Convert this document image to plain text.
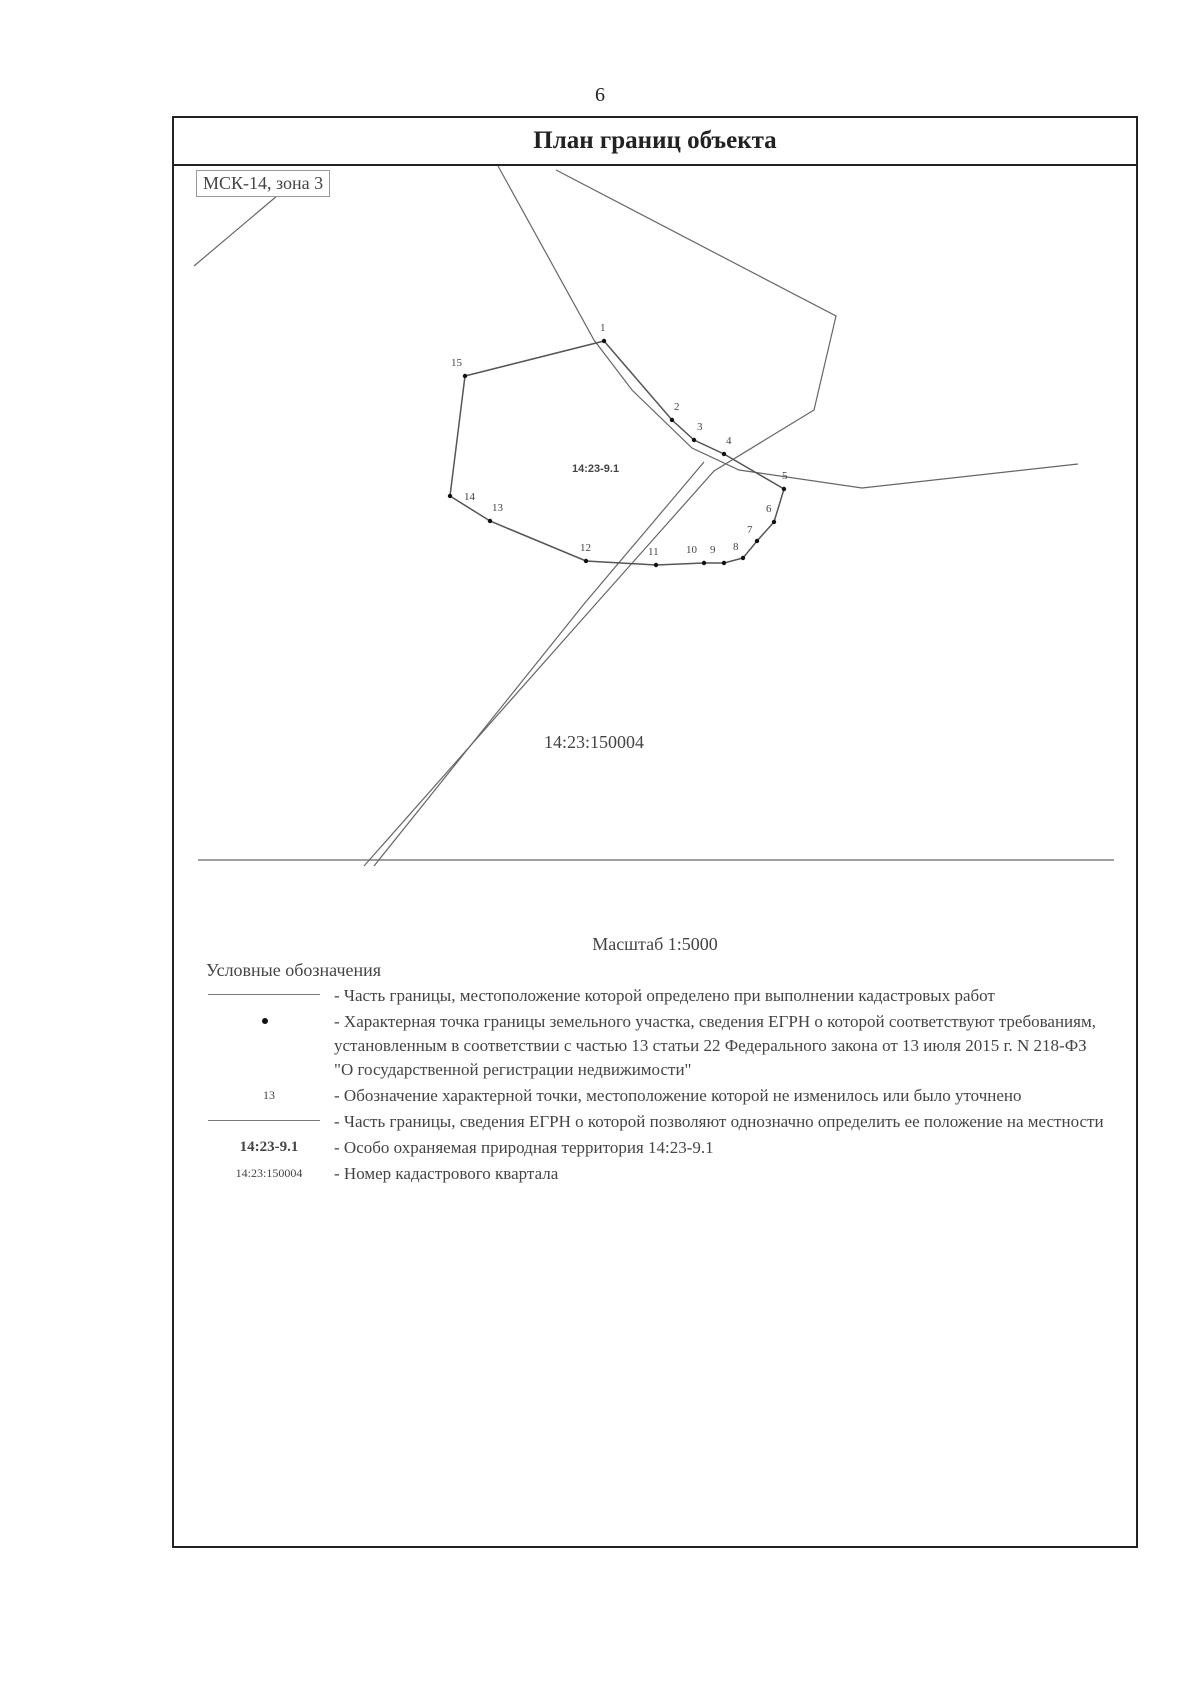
6
План границ объекта
1
2
3
4
5
6
7
8
9
10
11
12
13
14
15
14:23-9.1
14:23:150004
МСК-14, зона 3
Масштаб 1:5000
Условные обозначения
- Часть границы, местоположение которой определено при выполнении кадастровых работ
- Характерная точка границы земельного участка, сведения ЕГРН о которой соответствуют требованиям, установленным в соответствии с частью 13 статьи 22 Федерального закона от 13 июля 2015 г. N 218-ФЗ "О государственной регистрации недвижимости"
13	- Обозначение характерной точки, местоположение которой не изменилось или было уточнено
- Часть границы, сведения ЕГРН о которой позволяют однозначно определить ее положение на местности
14:23-9.1	- Особо охраняемая природная территория 14:23-9.1
14:23:150004	- Номер кадастрового квартала
